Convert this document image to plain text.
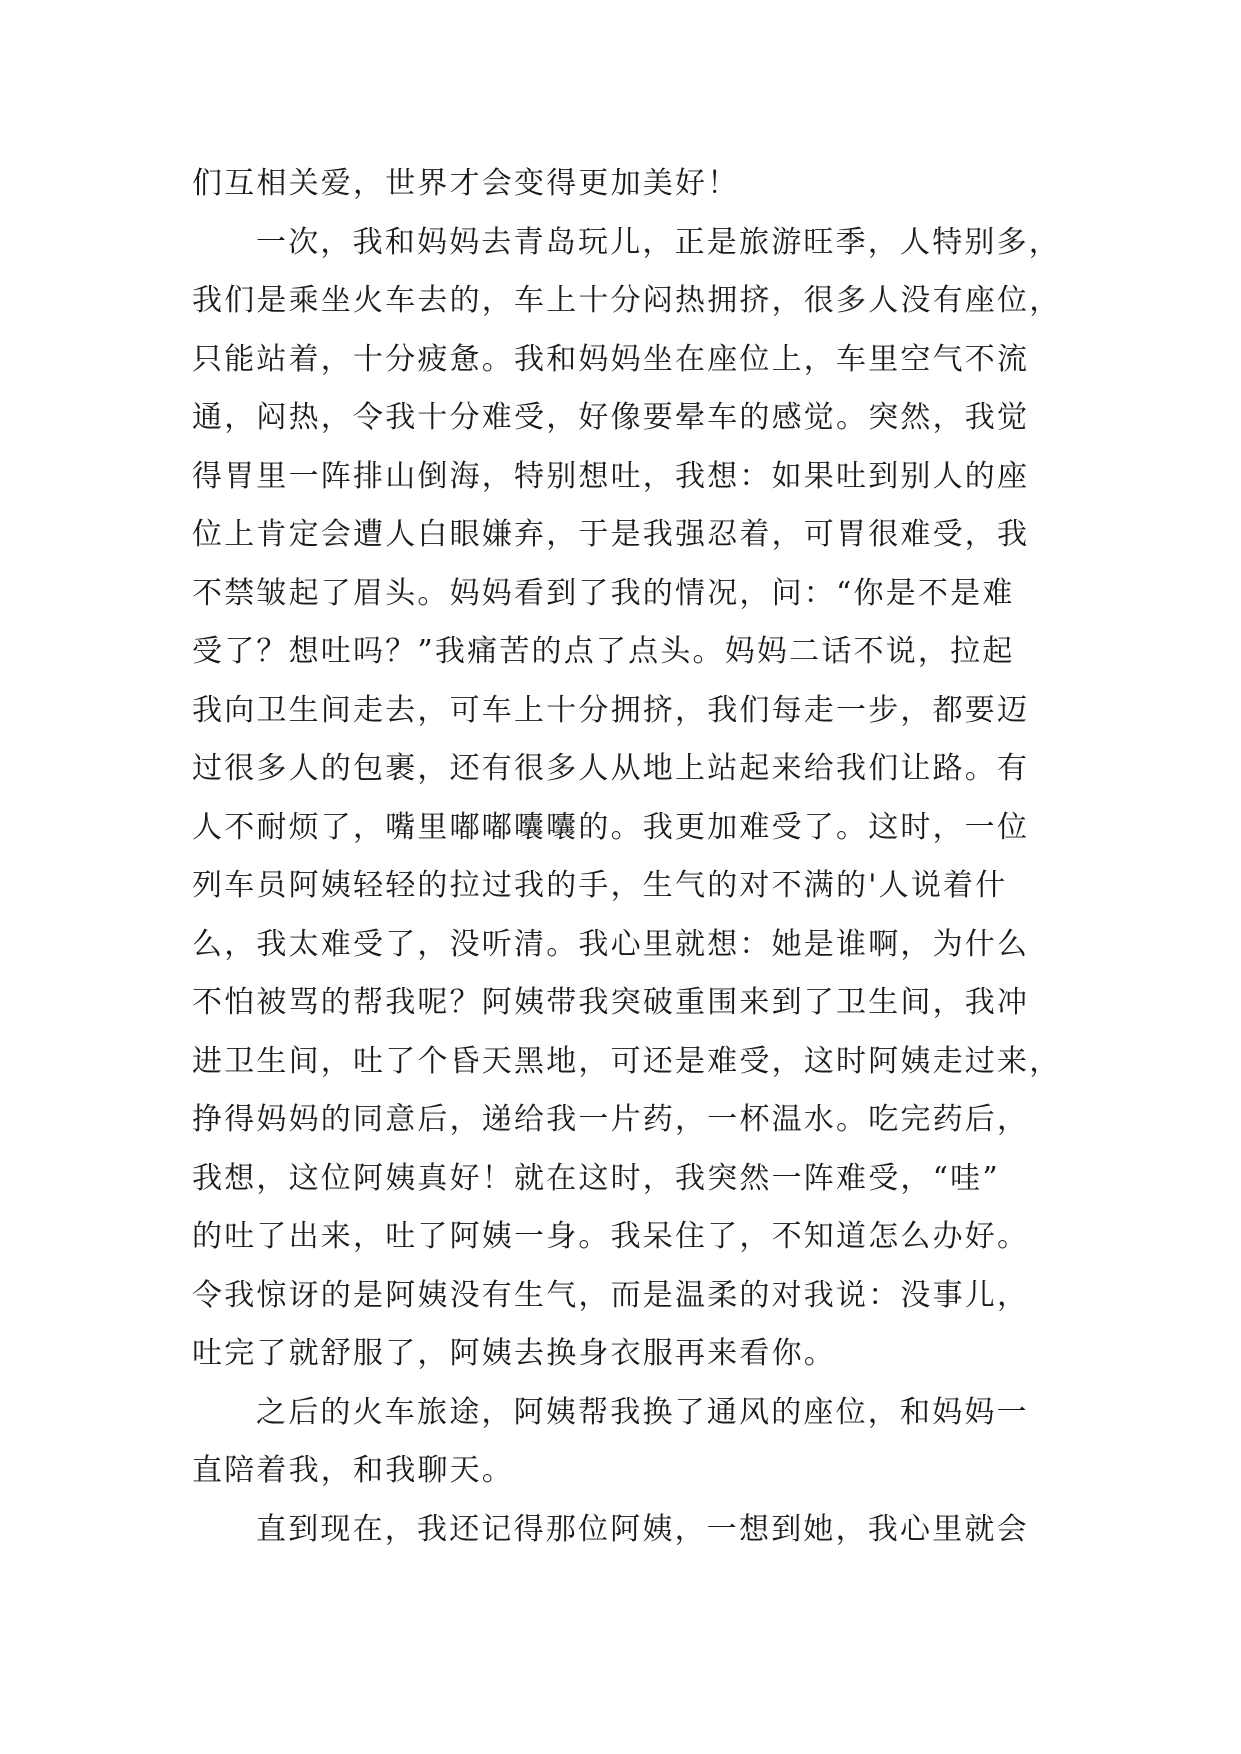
们互相关爱，世界才会变得更加美好！
一次，我和妈妈去青岛玩儿，正是旅游旺季，人特别多，
我们是乘坐火车去的，车上十分闷热拥挤，很多人没有座位，
只能站着，十分疲惫。我和妈妈坐在座位上，车里空气不流
通，闷热，令我十分难受，好像要晕车的感觉。突然，我觉
得胃里一阵排山倒海，特别想吐，我想：如果吐到别人的座
位上肯定会遭人白眼嫌弃，于是我强忍着，可胃很难受，我
不禁皱起了眉头。妈妈看到了我的情况，问：“你是不是难
受了？想吐吗？”我痛苦的点了点头。妈妈二话不说，拉起
我向卫生间走去，可车上十分拥挤，我们每走一步，都要迈
过很多人的包裹，还有很多人从地上站起来给我们让路。有
人不耐烦了，嘴里嘟嘟囔囔的。我更加难受了。这时，一位
列车员阿姨轻轻的拉过我的手，生气的对不满的'人说着什
么，我太难受了，没听清。我心里就想：她是谁啊，为什么
不怕被骂的帮我呢？阿姨带我突破重围来到了卫生间，我冲
进卫生间，吐了个昏天黑地，可还是难受，这时阿姨走过来，
挣得妈妈的同意后，递给我一片药，一杯温水。吃完药后，
我想，这位阿姨真好！就在这时，我突然一阵难受，“哇”
的吐了出来，吐了阿姨一身。我呆住了，不知道怎么办好。
令我惊讶的是阿姨没有生气，而是温柔的对我说：没事儿，
吐完了就舒服了，阿姨去换身衣服再来看你。
之后的火车旅途，阿姨帮我换了通风的座位，和妈妈一
直陪着我，和我聊天。
直到现在，我还记得那位阿姨，一想到她，我心里就会
